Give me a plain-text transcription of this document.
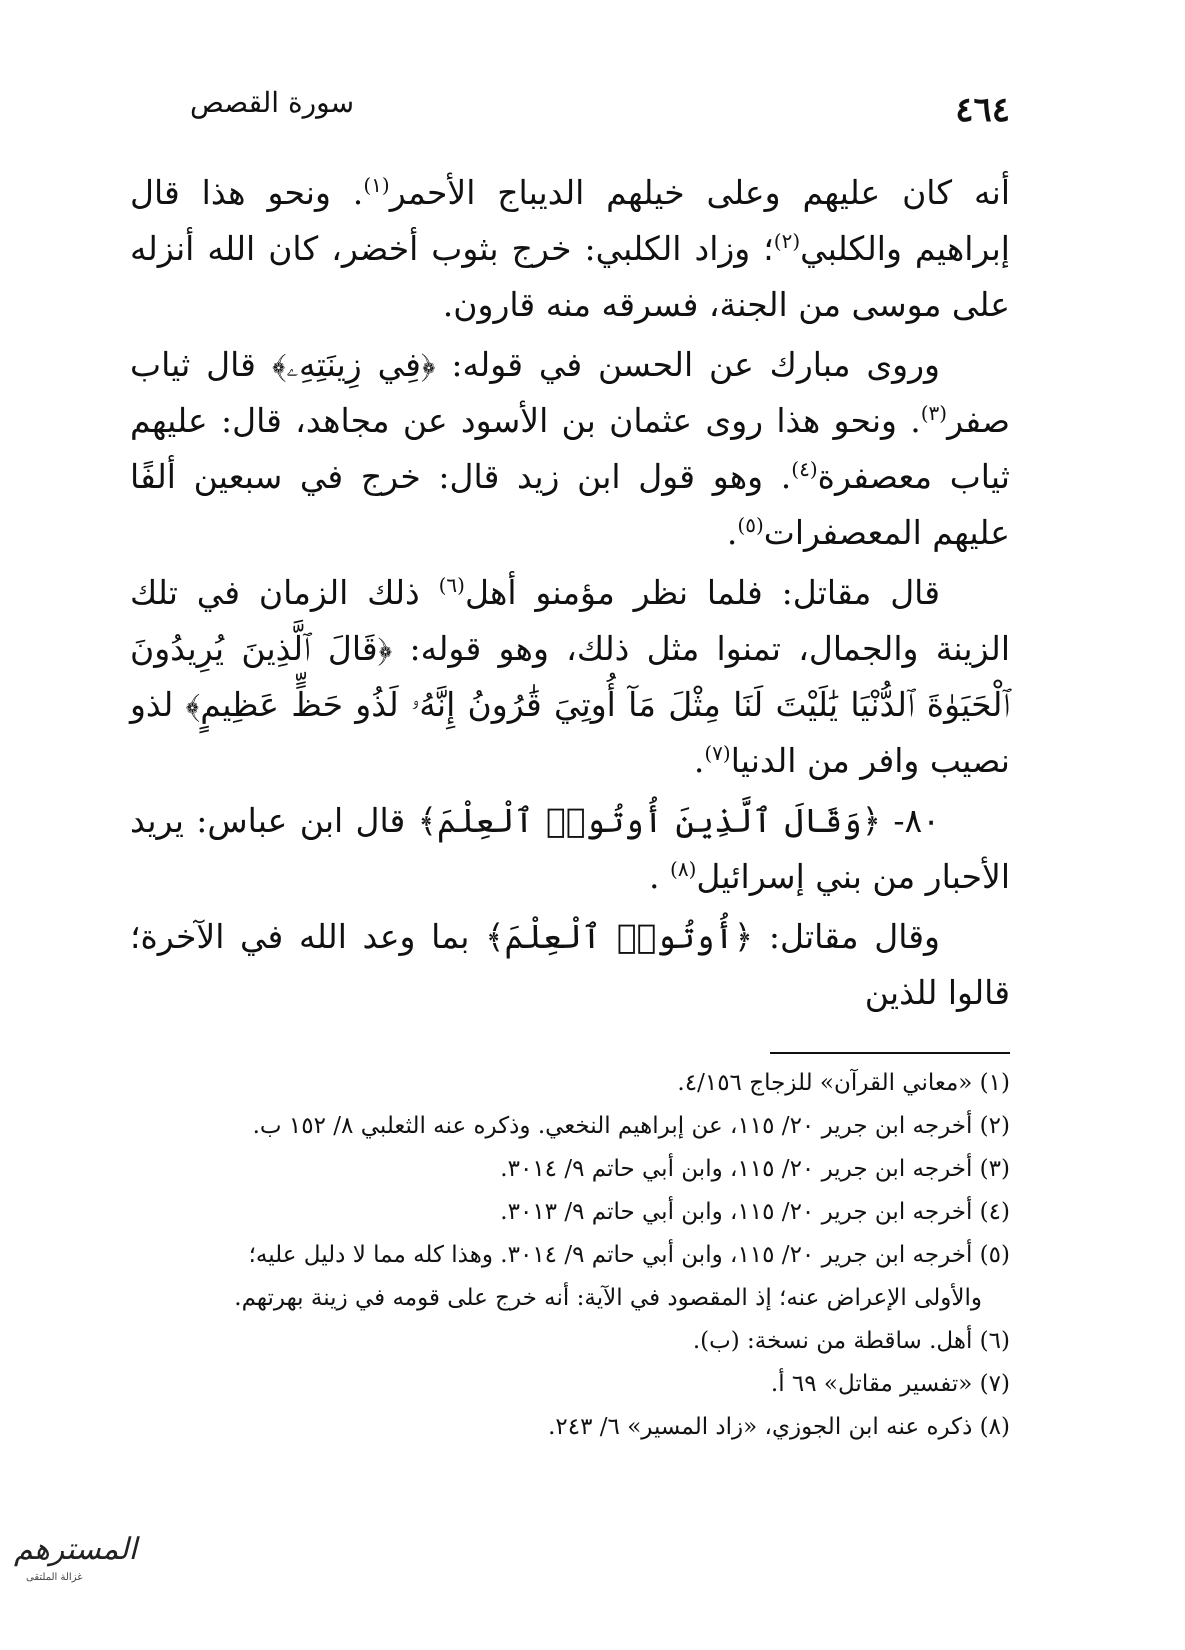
٤٦٤
سورة القصص

أنه كان عليهم وعلى خيلهم الديباج الأحمر$^{(١)}$. ونحو هذا قال إبراهيم والكلبي$^{(٢)}$؛ وزاد الكلبي: خرج بثوب أخضر، كان الله أنزله على موسى من الجنة، فسرقه منه قارون.

وروى مبارك عن الحسن في قوله: ﴿فِي زِينَتِهِۦ﴾ قال ثياب صفر$^{(٣)}$. ونحو هذا روى عثمان بن الأسود عن مجاهد، قال: عليهم ثياب معصفرة$^{(٤)}$. وهو قول ابن زيد قال: خرج في سبعين ألفًا عليهم المعصفرات$^{(٥)}$.

قال مقاتل: فلما نظر مؤمنو أهل$^{(٦)}$ ذلك الزمان في تلك الزينة والجمال، تمنوا مثل ذلك، وهو قوله: ﴿قَالَ ٱلَّذِينَ يُرِيدُونَ ٱلْحَيَوٰةَ ٱلدُّنْيَا يَٰلَيْتَ لَنَا مِثْلَ مَآ أُوتِيَ قَٰرُونُ إِنَّهُۥ لَذُو حَظٍّ عَظِيمٍ﴾ لذو نصيب وافر من الدنيا$^{(٧)}$.

٨٠- ﴿وَقَالَ ٱلَّذِينَ أُوتُوا۟ ٱلْعِلْمَ﴾ قال ابن عباس: يريد الأحبار من بني إسرائيل$^{(٨)}$ .

وقال مقاتل: ﴿أُوتُوا۟ ٱلْعِلْمَ﴾ بما وعد الله في الآخرة؛ قالوا للذين

(١) «معاني القرآن» للزجاج ٤/١٥٦.
(٢) أخرجه ابن جرير ٢٠/ ١١٥، عن إبراهيم النخعي. وذكره عنه الثعلبي ٨/ ١٥٢ ب.
(٣) أخرجه ابن جرير ٢٠/ ١١٥، وابن أبي حاتم ٩/ ٣٠١٤.
(٤) أخرجه ابن جرير ٢٠/ ١١٥، وابن أبي حاتم ٩/ ٣٠١٣.
(٥) أخرجه ابن جرير ٢٠/ ١١٥، وابن أبي حاتم ٩/ ٣٠١٤. وهذا كله مما لا دليل عليه؛
والأولى الإعراض عنه؛ إذ المقصود في الآية: أنه خرج على قومه في زينة بهرتهم.
(٦) أهل. ساقطة من نسخة: (ب).
(٧) «تفسير مقاتل» ٦٩ أ.
(٨) ذكره عنه ابن الجوزي، «زاد المسير» ٦/ ٢٤٣.
المسترهم
غزالة الملتقى
